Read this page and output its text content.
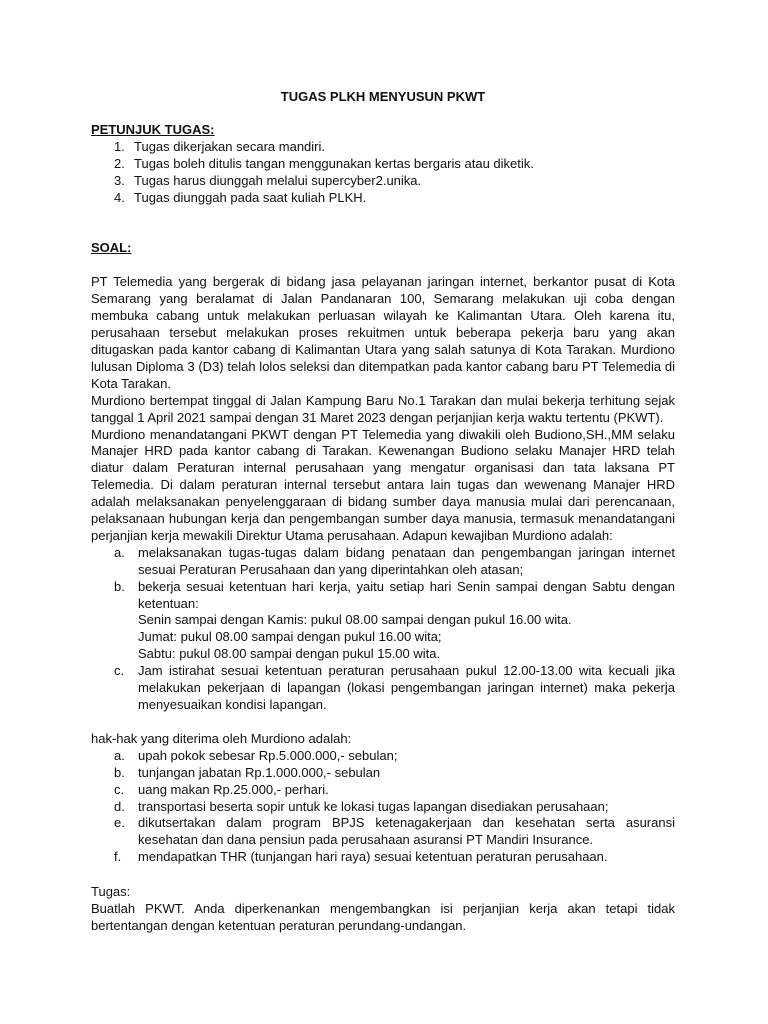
TUGAS PLKH MENYUSUN PKWT

PETUNJUK TUGAS:

1. Tugas dikerjakan secara mandiri.
2. Tugas boleh ditulis tangan menggunakan kertas bergaris atau diketik.
3. Tugas harus diunggah melalui supercyber2.unika.
4. Tugas diunggah pada saat kuliah PLKH.

SOAL:

PT Telemedia yang bergerak di bidang jasa pelayanan jaringan internet, berkantor pusat di Kota Semarang yang beralamat di Jalan Pandanaran 100, Semarang melakukan uji coba dengan membuka cabang untuk melakukan perluasan wilayah ke Kalimantan Utara. Oleh karena itu, perusahaan tersebut melakukan proses rekuitmen untuk beberapa pekerja baru yang akan ditugaskan pada kantor cabang di Kalimantan Utara yang salah satunya di Kota Tarakan. Murdiono lulusan Diploma 3 (D3) telah lolos seleksi dan ditempatkan pada kantor cabang baru PT Telemedia di Kota Tarakan.

Murdiono bertempat tinggal di Jalan Kampung Baru No.1 Tarakan dan mulai bekerja terhitung sejak tanggal 1 April 2021 sampai dengan 31 Maret 2023 dengan perjanjian kerja waktu tertentu (PKWT).

Murdiono menandatangani PKWT dengan PT Telemedia yang diwakili oleh Budiono,SH.,MM selaku Manajer HRD pada kantor cabang di Tarakan. Kewenangan Budiono selaku Manajer HRD telah diatur dalam Peraturan internal perusahaan yang mengatur organisasi dan tata laksana PT Telemedia. Di dalam peraturan internal tersebut antara lain tugas dan wewenang Manajer HRD adalah melaksanakan penyelenggaraan di bidang sumber daya manusia mulai dari perencanaan, pelaksanaan hubungan kerja dan pengembangan sumber daya manusia, termasuk menandatangani perjanjian kerja mewakili Direktur Utama perusahaan. Adapun kewajiban Murdiono adalah:

a.	melaksanakan tugas-tugas dalam bidang penataan dan pengembangan jaringan internet sesuai Peraturan Perusahaan dan yang diperintahkan oleh atasan;
b.	bekerja sesuai ketentuan hari kerja, yaitu setiap hari Senin sampai dengan Sabtu dengan ketentuan:
Senin sampai dengan Kamis: pukul 08.00 sampai dengan pukul 16.00 wita.
Jumat: pukul 08.00 sampai dengan pukul 16.00 wita;
Sabtu: pukul 08.00 sampai dengan pukul 15.00 wita.
c.	Jam istirahat sesuai ketentuan peraturan perusahaan pukul 12.00-13.00 wita kecuali jika melakukan pekerjaan di lapangan (lokasi pengembangan jaringan internet) maka pekerja menyesuaikan kondisi lapangan.

hak-hak yang diterima oleh Murdiono adalah:

a.	upah pokok sebesar Rp.5.000.000,- sebulan;
b.	tunjangan jabatan Rp.1.000.000,- sebulan
c.	uang makan Rp.25.000,- perhari.
d.	transportasi beserta sopir untuk ke lokasi tugas lapangan disediakan perusahaan;
e.	dikutsertakan dalam program BPJS ketenagakerjaan dan kesehatan serta asuransi kesehatan dan dana pensiun pada perusahaan asuransi PT Mandiri Insurance.
f.	mendapatkan THR (tunjangan hari raya) sesuai ketentuan peraturan perusahaan.

Tugas:

Buatlah PKWT. Anda diperkenankan mengembangkan isi perjanjian kerja akan tetapi tidak bertentangan dengan ketentuan peraturan perundang-undangan.
